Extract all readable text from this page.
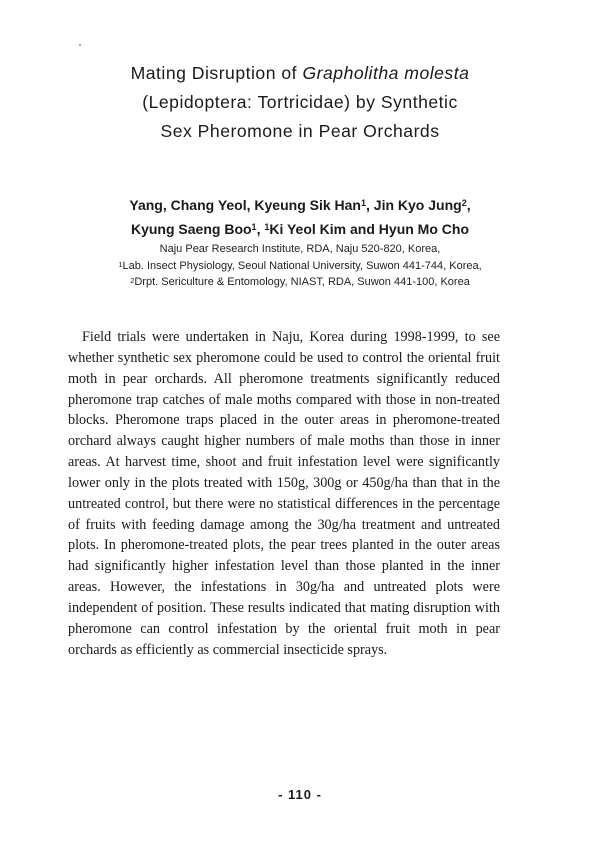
Mating Disruption of Grapholitha molesta
(Lepidoptera: Tortricidae) by Synthetic
Sex Pheromone in Pear Orchards
Yang, Chang Yeol, Kyeung Sik Han$^1$, Jin Kyo Jung$^2$,
Kyung Saeng Boo$^1$, $^1$Ki Yeol Kim and Hyun Mo Cho
Naju Pear Research Institute, RDA, Naju 520-820, Korea,
$^1$Lab. Insect Physiology, Seoul National University, Suwon 441-744, Korea,
$^2$Drpt. Sericulture & Entomology, NIAST, RDA, Suwon 441-100, Korea
Field trials were undertaken in Naju, Korea during 1998-1999, to see
whether synthetic sex pheromone could be used to control the oriental fruit
moth in pear orchards. All pheromone treatments significantly reduced
pheromone trap catches of male moths compared with those in non-treated
blocks. Pheromone traps placed in the outer areas in pheromone-treated
orchard always caught higher numbers of male moths than those in inner
areas. At harvest time, shoot and fruit infestation level were significantly
lower only in the plots treated with 150g, 300g or 450g/ha than that in the
untreated control, but there were no statistical differences in the percentage
of fruits with feeding damage among the 30g/ha treatment and untreated
plots. In pheromone-treated plots, the pear trees planted in the outer areas
had significantly higher infestation level than those planted in the inner
areas. However, the infestations in 30g/ha and untreated plots were
independent of position. These results indicated that mating disruption with
pheromone can control infestation by the oriental fruit moth in pear
orchards as efficiently as commercial insecticide sprays.
- 110 -
